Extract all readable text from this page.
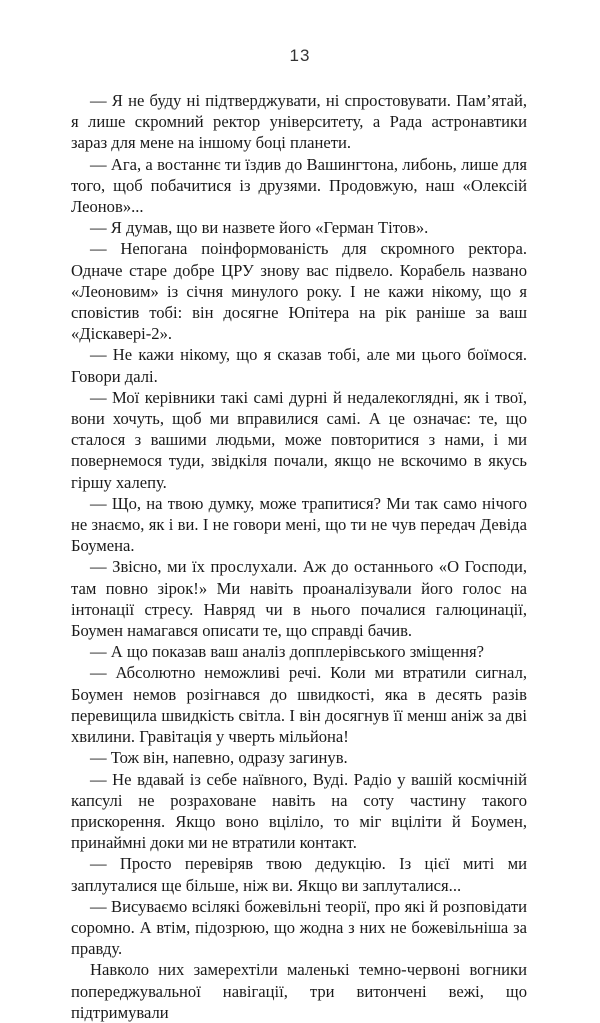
13

— Я не буду ні підтверджувати, ні спростовувати. Пам’ятай, я лише скромний ректор університету, а Рада астронавтики зараз для мене на іншому боці планети.

— Ага, а востаннє ти їздив до Вашингтона, либонь, лише для того, щоб побачитися із друзями. Продовжую, наш «Олексій Леонов»...

— Я думав, що ви назвете його «Герман Тітов».

— Непогана поінформованість для скромного ректора. Одначе старе добре ЦРУ знову вас підвело. Корабель названо «Леоновим» із січня минулого року. І не кажи нікому, що я сповістив тобі: він досягне Юпітера на рік раніше за ваш «Діскавері-2».

— Не кажи нікому, що я сказав тобі, але ми цього боїмося. Говори далі.

— Мої керівники такі самі дурні й недалекоглядні, як і твої, вони хочуть, щоб ми вправилися самі. А це означає: те, що сталося з вашими людьми, може повторитися з нами, і ми повернемося туди, звідкіля почали, якщо не вскочимо в якусь гіршу халепу.

— Що, на твою думку, може трапитися? Ми так само нічого не знаємо, як і ви. І не говори мені, що ти не чув передач Девіда Боумена.

— Звісно, ми їх прослухали. Аж до останнього «О Господи, там повно зірок!» Ми навіть проаналізували його голос на інтонації стресу. Навряд чи в нього почалися галюцинації, Боумен намагався описати те, що справді бачив.

— А що показав ваш аналіз допплерівського зміщення?

— Абсолютно неможливі речі. Коли ми втратили сигнал, Боумен немов розігнався до швидкості, яка в десять разів перевищила швидкість світла. І він досягнув її менш аніж за дві хвилини. Гравітація у чверть мільйона!

— Тож він, напевно, одразу загинув.

— Не вдавай із себе наївного, Вуді. Радіо у вашій космічній капсулі не розраховане навіть на соту частину такого прискорення. Якщо воно вціліло, то міг вціліти й Боумен, принаймні доки ми не втратили контакт.

— Просто перевіряв твою дедукцію. Із цієї миті ми заплуталися ще більше, ніж ви. Якщо ви заплуталися...

— Висуваємо всілякі божевільні теорії, про які й розповідати соромно. А втім, підозрюю, що жодна з них не божевільніша за правду.

Навколо них замерехтіли маленькі темно-червоні вогники попереджувальної навігації, три витончені вежі, що підтримували
